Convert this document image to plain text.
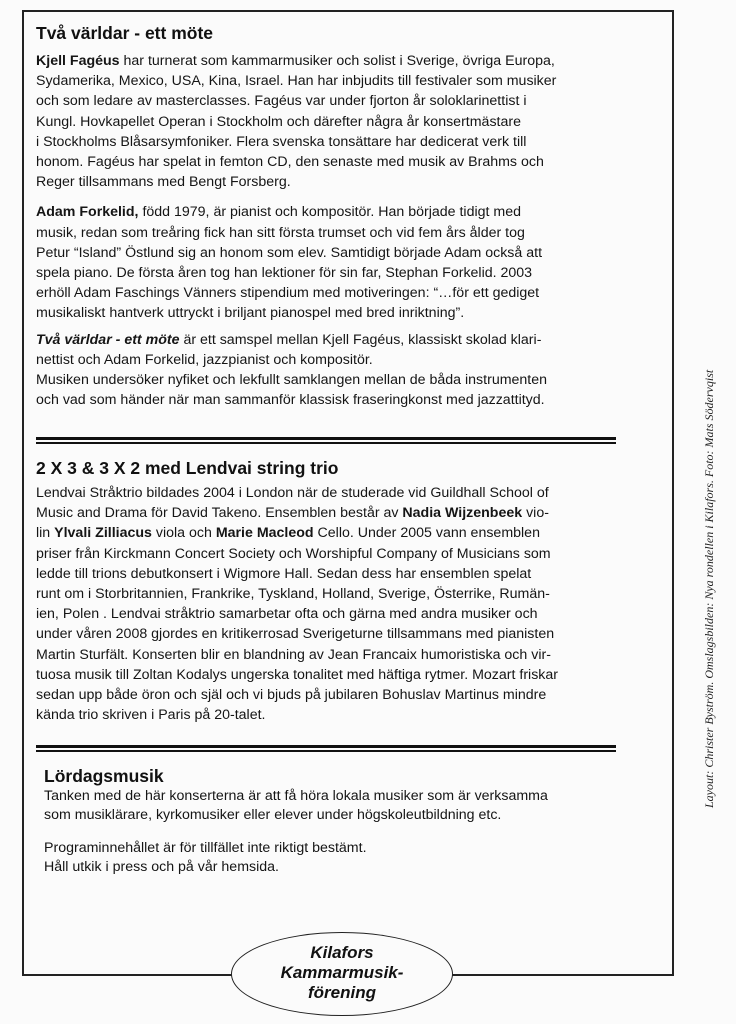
Två världar - ett möte

Kjell Fagéus har turnerat som kammarmusiker och solist i Sverige, övriga Europa,
Sydamerika, Mexico, USA, Kina, Israel. Han har inbjudits till festivaler som musiker
och som ledare av masterclasses. Fagéus var under fjorton år soloklarinettist i
Kungl. Hovkapellet Operan i Stockholm och därefter några år konsertmästare
i Stockholms Blåsarsymfoniker. Flera svenska tonsättare har dedicerat verk till
honom. Fagéus har spelat in femton CD, den senaste med musik av Brahms och
Reger tillsammans med Bengt Forsberg.

Adam Forkelid, född 1979, är pianist och kompositör. Han började tidigt med
musik, redan som treåring fick han sitt första trumset och vid fem års ålder tog
Petur “Island” Östlund sig an honom som elev. Samtidigt började Adam också att
spela piano. De första åren tog han lektioner för sin far, Stephan Forkelid. 2003
erhöll Adam Faschings Vänners stipendium med motiveringen: “…för ett gediget
musikaliskt hantverk uttryckt i briljant pianospel med bred inriktning”.

Två världar - ett möte är ett samspel mellan Kjell Fagéus, klassiskt skolad klari-
nettist och Adam Forkelid, jazzpianist och kompositör.
Musiken undersöker nyfiket och lekfullt samklangen mellan de båda instrumenten
och vad som händer när man sammanför klassisk fraseringkonst med jazzattityd.

2 X 3 & 3 X 2 med Lendvai string trio

Lendvai Stråktrio bildades 2004 i London när de studerade vid Guildhall School of
Music and Drama för David Takeno. Ensemblen består av Nadia Wijzenbeek vio-
lin Ylvali Zilliacus viola och Marie Macleod Cello. Under 2005 vann ensemblen
priser från Kirckmann Concert Society och Worshipful Company of Musicians som
ledde till trions debutkonsert i Wigmore Hall. Sedan dess har ensemblen spelat
runt om i Storbritannien, Frankrike, Tyskland, Holland, Sverige, Österrike, Rumän-
ien, Polen . Lendvai stråktrio samarbetar ofta och gärna med andra musiker och
under våren 2008 gjordes en kritikerrosad Sverigeturne tillsammans med pianisten
Martin Sturfält. Konserten blir en blandning av Jean Francaix humoristiska och vir-
tuosa musik till Zoltan Kodalys ungerska tonalitet med häftiga rytmer. Mozart friskar
sedan upp både öron och själ och vi bjuds på jubilaren Bohuslav Martinus mindre
kända trio skriven i Paris på 20-talet.

Lördagsmusik

Tanken med de här konserterna är att få höra lokala musiker som är verksamma
som musiklärare, kyrkomusiker eller elever under högskoleutbildning etc.

Programinnehållet är för tillfället inte riktigt bestämt.
Håll utkik i press och på vår hemsida.

Layout: Christer Byström. Omslagsbilden: Nya rondellen i Kilafors. Foto: Mats Södervqist
Kilafors
Kammarmusik-
förening
